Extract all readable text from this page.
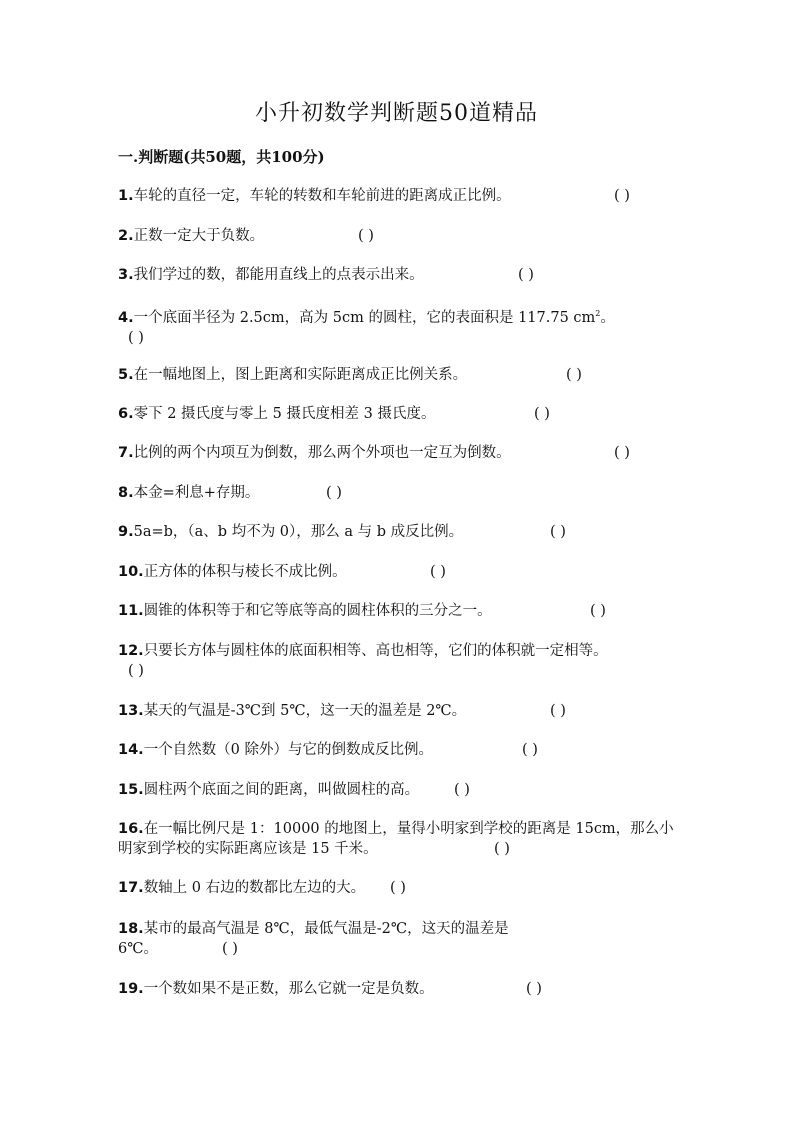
小升初数学判断题50道精品
一.判断题(共50题，共100分)
1.车轮的直径一定，车轮的转数和车轮前进的距离成正比例。	( )
2.正数一定大于负数。	( )
3.我们学过的数，都能用直线上的点表示出来。	( )
4.一个底面半径为 2.5cm，高为 5cm 的圆柱，它的表面积是 117.75 $cm^2$。
( )
5.在一幅地图上，图上距离和实际距离成正比例关系。	( )
6.零下 2 摄氏度与零上 5 摄氏度相差 3 摄氏度。	( )
7.比例的两个内项互为倒数，那么两个外项也一定互为倒数。	( )
8.本金=利息+存期。	( )
9.5a=b，（a、b 均不为 0），那么 a 与 b 成反比例。	( )
10.正方体的体积与棱长不成比例。	( )
11.圆锥的体积等于和它等底等高的圆柱体积的三分之一。	( )
12.只要长方体与圆柱体的底面积相等、高也相等，它们的体积就一定相等。
( )
13.某天的气温是-3℃到 5℃，这一天的温差是 2℃。	( )
14.一个自然数（0 除外）与它的倒数成反比例。	( )
15.圆柱两个底面之间的距离，叫做圆柱的高。	( )
16.在一幅比例尺是 1：10000 的地图上，量得小明家到学校的距离是 15cm，那么小明家到学校的实际距离应该是 15 千米。	( )
17.数轴上 0 右边的数都比左边的大。	( )
18.某市的最高气温是 8℃，最低气温是-2℃，这天的温差是 6℃。	( )
19.一个数如果不是正数，那么它就一定是负数。	( )
